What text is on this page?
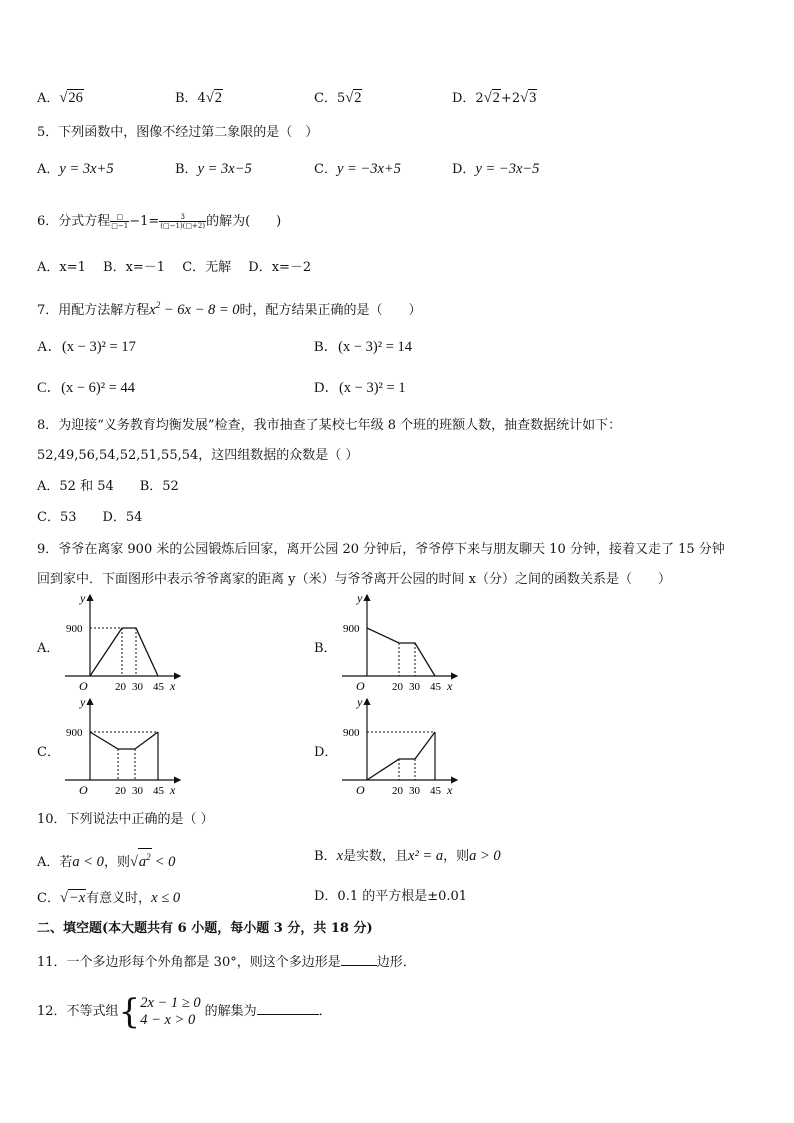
A．√26	B．4√2	C．5√2	D．2√2+2√3
5．下列函数中，图像不经过第二象限的是（　）
A．y = 3x+5	B．y = 3x−5	C．y = −3x+5	D．y = −3x−5
6．分式方程 $\frac{□}{□-1} -1= \frac{3}{(□-1)(□+2)}$ 的解为(　　)
A．x=1　 B．x=－1　 C．无解　 D．x=－2
7．用配方法解方程$x^2 - 6x - 8 = 0$时，配方结果正确的是（　　）
A．(x − 3)² = 17	B．(x − 3)² = 14
C．(x − 6)² = 44	D．(x − 3)² = 1
8．为迎接“义务教育均衡发展”检查，我市抽查了某校七年级 8 个班的班额人数，抽查数据统计如下：
52,49,56,54,52,51,55,54，这四组数据的众数是（ ）
A．52 和 54　　B．52
C．53　　D．54
9．爷爷在离家 900 米的公园锻炼后回家，离开公园 20 分钟后，爷爷停下来与朋友聊天 10 分钟，接着又走了 15 分钟
回到家中．下面图形中表示爷爷离家的距离 y（米）与爷爷离开公园的时间 x（分）之间的函数关系是（　　）
A．	B．
C．	D．
y
x
O
900
20 30 45
y
x
O
900
20 30 45
y
x
O
900
20 30 45
y
x
O
900
20 30 45
10．下列说法中正确的是（ ）
A．若a < 0，则$√a^2 < 0$	B．x是实数，且x² = a，则a > 0
C．√−x有意义时，x ≤ 0	D．0.1 的平方根是±0.01
二、填空题(本大题共有 6 小题，每小题 3 分，共 18 分)
11．一个多边形每个外角都是 30°，则这个多边形是	边形．
12．不等式组{ 2x − 1 ≥ 0
4 − x > 0 的解集为	．
